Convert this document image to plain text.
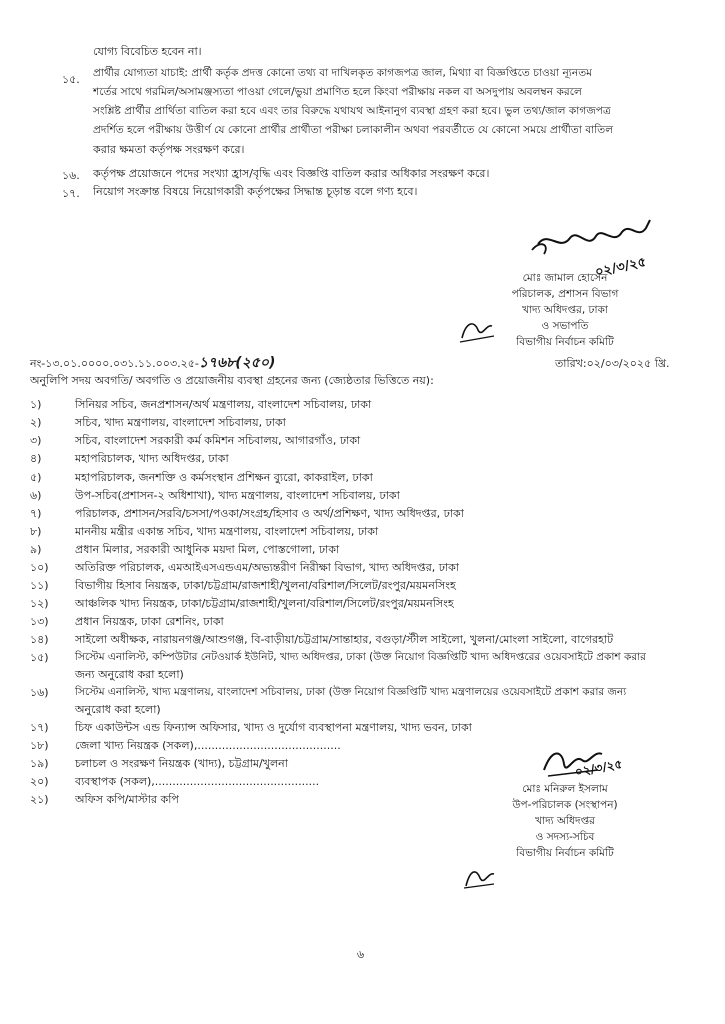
যোগ্য বিবেচিত হবেন না।
১৫. প্রার্থীর যোগ্যতা যাচাই: প্রার্থী কর্তৃক প্রদত্ত কোনো তথ্য বা দাখিলকৃত কাগজপত্র জাল, মিথ্যা বা বিজ্ঞপ্তিতে চাওয়া ন্যূনতম
শর্তের সাথে গরমিল/অসামঞ্জস্যতা পাওয়া গেলে/ভুয়া প্রমাণিত হলে কিংবা পরীক্ষায় নকল বা অসদুপায় অবলম্বন করলে
সংশ্লিষ্ট প্রার্থীর প্রার্থিতা বাতিল করা হবে এবং তার বিরুদ্ধে যথাযথ আইনানুগ ব্যবস্থা গ্রহণ করা হবে। ভুল তথ্য/জাল কাগজপত্র
প্রদর্শিত হলে পরীক্ষায় উত্তীর্ণ যে কোনো প্রার্থীর প্রার্থীতা পরীক্ষা চলাকালীন অথবা পরবর্তীতে যে কোনো সময়ে প্রার্থীতা বাতিল
করার ক্ষমতা কর্তৃপক্ষ সংরক্ষণ করে।
১৬. কর্তৃপক্ষ প্রয়োজনে পদের সংখ্যা হ্রাস/বৃদ্ধি এবং বিজ্ঞপ্তি বাতিল করার অধিকার সংরক্ষণ করে।
১৭. নিয়োগ সংক্রান্ত বিষয়ে নিয়োগকারী কর্তৃপক্ষের সিদ্ধান্ত চূড়ান্ত বলে গণ্য হবে।
০২/৩/২৫
মোঃ জামাল হোসেন
পরিচালক, প্রশাসন বিভাগ
খাদ্য অধিদপ্তর, ঢাকা
ও সভাপতি
বিভাগীয় নির্বাচন কমিটি
নং-১৩.০১.০০০০.০৩১.১১.০০৩.২৫-১৭৬৮(২৫০)	তারিখ:০২/০৩/২০২৫ খ্রি.
অনুলিপি সদয় অবগতি/ অবগতি ও প্রয়োজনীয় ব্যবস্থা গ্রহনের জন্য (জ্যেষ্ঠতার ভিত্তিতে নয়):
১)	সিনিয়র সচিব, জনপ্রশাসন/অর্থ মন্ত্রণালয়, বাংলাদেশ সচিবালয়, ঢাকা
২)	সচিব, খাদ্য মন্ত্রণালয়, বাংলাদেশ সচিবালয়, ঢাকা
৩)	সচিব, বাংলাদেশ সরকারী কর্ম কমিশন সচিবালয়, আগারগাঁও, ঢাকা
৪)	মহাপরিচালক, খাদ্য অধিদপ্তর, ঢাকা
৫)	মহাপরিচালক, জনশক্তি ও কর্মসংস্থান প্রশিক্ষন ব্যুরো, কাকরাইল, ঢাকা
৬)	উপ-সচিব(প্রশাসন-২ অধিশাখা), খাদ্য মন্ত্রণালয়, বাংলাদেশ সচিবালয়, ঢাকা
৭)	পরিচালক, প্রশাসন/সরবি/চসসা/পওকা/সংগ্রহ/হিসাব ও অর্থ/প্রশিক্ষণ, খাদ্য অধিদপ্তর, ঢাকা
৮)	মাননীয় মন্ত্রীর একান্ত সচিব, খাদ্য মন্ত্রণালয়, বাংলাদেশ সচিবালয়, ঢাকা
৯)	প্রধান মিলার, সরকারী আধুনিক ময়দা মিল, পোস্তগোলা, ঢাকা
১০) অতিরিক্ত পরিচালক, এমআইএসএন্ডএম/অভ্যন্তরীণ নিরীক্ষা বিভাগ, খাদ্য অধিদপ্তর, ঢাকা
১১) বিভাগীয় হিসাব নিয়ন্ত্রক, ঢাকা/চট্টগ্রাম/রাজশাহী/খুলনা/বরিশাল/সিলেট/রংপুর/ময়মনসিংহ
১২) আঞ্চলিক খাদ্য নিয়ন্ত্রক, ঢাকা/চট্টগ্রাম/রাজশাহী/খুলনা/বরিশাল/সিলেট/রংপুর/ময়মনসিংহ
১৩) প্রধান নিয়ন্ত্রক, ঢাকা রেশনিং, ঢাকা
১৪) সাইলো অধীক্ষক, নারায়নগঞ্জ/আশুগঞ্জ, বি-বাড়ীয়া/চট্টগ্রাম/সান্তাহার, বগুড়া/স্টীল সাইলো, খুলনা/মোংলা সাইলো, বাগেরহাট
১৫)	সিস্টেম এনালিস্ট, কম্পিউটার নেটওয়ার্ক ইউনিট, খাদ্য অধিদপ্তর, ঢাকা (উক্ত নিয়োগ বিজ্ঞপ্তিটি খাদ্য অধিদপ্তরের ওয়েবসাইটে প্রকাশ করার
জন্য অনুরোধ করা হলো)
১৬)	সিস্টেম এনালিস্ট, খাদ্য মন্ত্রণালয়, বাংলাদেশ সচিবালয়, ঢাকা (উক্ত নিয়োগ বিজ্ঞপ্তিটি খাদ্য মন্ত্রণালয়ের ওয়েবসাইটে প্রকাশ করার জন্য
অনুরোধ করা হলো)
১৭) চিফ একাউন্টস এন্ড ফিন্যান্স অফিসার, খাদ্য ও দুর্যোগ ব্যবস্থাপনা মন্ত্রণালয়, খাদ্য ভবন, ঢাকা
১৮) জেলা খাদ্য নিয়ন্ত্রক (সকল),.........................................
১৯) চলাচল ও সংরক্ষণ নিয়ন্ত্রক (খাদ্য), চট্টগ্রাম/খুলনা
২০) ব্যবস্থাপক (সকল),...............................................
২১) অফিস কপি/মাস্টার কপি
০২/৩/২৫
মোঃ মনিরুল ইসলাম
উপ-পরিচালক (সংস্থাপন)
খাদ্য অধিদপ্তর
ও সদস্য-সচিব
বিভাগীয় নির্বাচন কমিটি
৬
